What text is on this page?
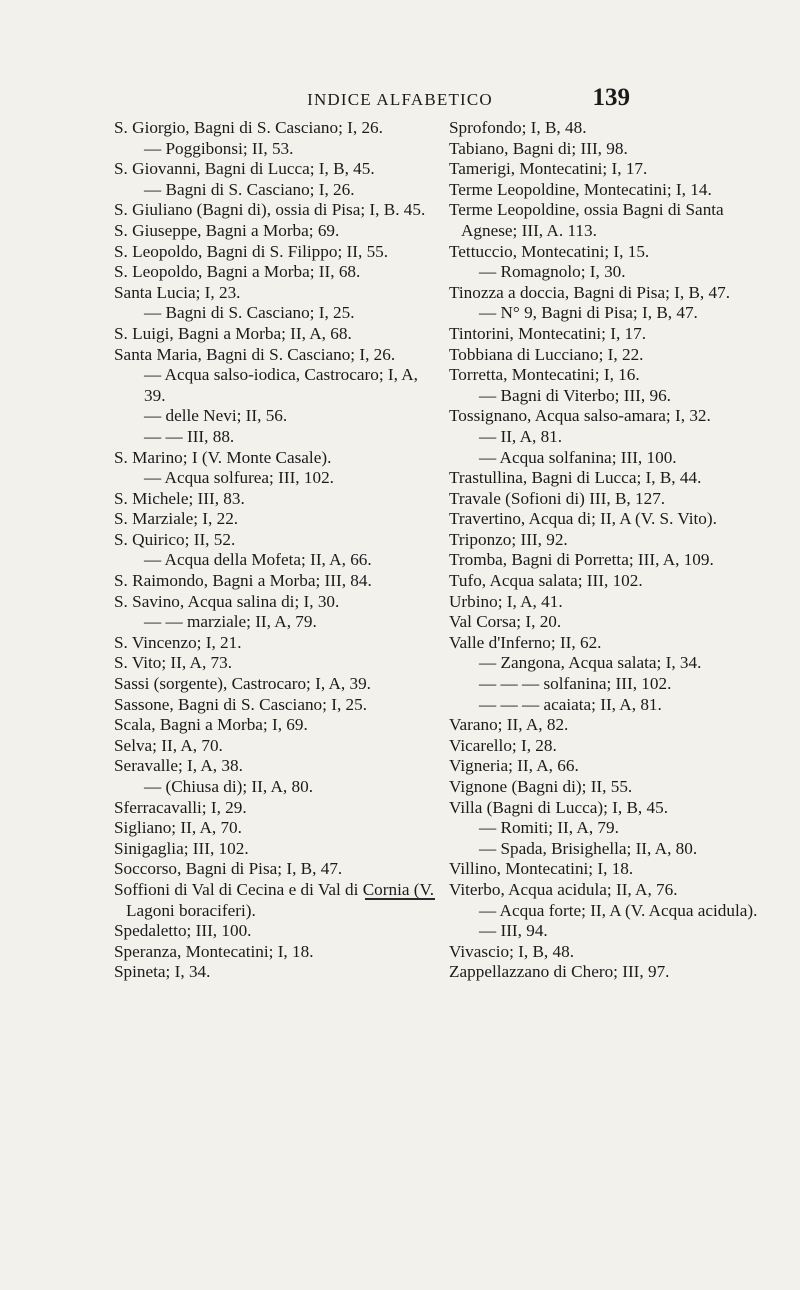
INDICE ALFABETICO	139

S. Giorgio, Bagni di S. Casciano; I, 26.

— Poggibonsi; II, 53.

S. Giovanni, Bagni di Lucca; I, B, 45.

— Bagni di S. Casciano; I, 26.

S. Giuliano (Bagni di), ossia di Pisa; I, B. 45.

S. Giuseppe, Bagni a Morba; 69.

S. Leopoldo, Bagni di S. Filippo; II, 55.

S. Leopoldo, Bagni a Morba; II, 68.

Santa Lucia; I, 23.

— Bagni di S. Casciano; I, 25.

S. Luigi, Bagni a Morba; II, A, 68.

Santa Maria, Bagni di S. Casciano; I, 26.

— Acqua salso-iodica, Castrocaro; I, A, 39.

— delle Nevi; II, 56.

— — III, 88.

S. Marino; I (V. Monte Casale).

— Acqua solfurea; III, 102.

S. Michele; III, 83.

S. Marziale; I, 22.

S. Quirico; II, 52.

— Acqua della Mofeta; II, A, 66.

S. Raimondo, Bagni a Morba; III, 84.

S. Savino, Acqua salina di; I, 30.

— — marziale; II, A, 79.

S. Vincenzo; I, 21.

S. Vito; II, A, 73.

Sassi (sorgente), Castrocaro; I, A, 39.

Sassone, Bagni di S. Casciano; I, 25.

Scala, Bagni a Morba; I, 69.

Selva; II, A, 70.

Seravalle; I, A, 38.

— (Chiusa di); II, A, 80.

Sferracavalli; I, 29.

Sigliano; II, A, 70.

Sinigaglia; III, 102.

Soccorso, Bagni di Pisa; I, B, 47.

Soffioni di Val di Cecina e di Val di Cornia (V. Lagoni boraciferi).

Spedaletto; III, 100.

Speranza, Montecatini; I, 18.

Spineta; I, 34.

Sprofondo; I, B, 48.

Tabiano, Bagni di; III, 98.

Tamerigi, Montecatini; I, 17.

Terme Leopoldine, Montecatini; I, 14.

Terme Leopoldine, ossia Bagni di Santa Agnese; III, A. 113.

Tettuccio, Montecatini; I, 15.

— Romagnolo; I, 30.

Tinozza a doccia, Bagni di Pisa; I, B, 47.

— N° 9, Bagni di Pisa; I, B, 47.

Tintorini, Montecatini; I, 17.

Tobbiana di Lucciano; I, 22.

Torretta, Montecatini; I, 16.

— Bagni di Viterbo; III, 96.

Tossignano, Acqua salso-amara; I, 32.

— II, A, 81.

— Acqua solfanina; III, 100.

Trastullina, Bagni di Lucca; I, B, 44.

Travale (Sofioni di) III, B, 127.

Travertino, Acqua di; II, A (V. S. Vito).

Triponzo; III, 92.

Tromba, Bagni di Porretta; III, A, 109.

Tufo, Acqua salata; III, 102.

Urbino; I, A, 41.

Val Corsa; I, 20.

Valle d'Inferno; II, 62.

— Zangona, Acqua salata; I, 34.

— — — solfanina; III, 102.

— — — acaiata; II, A, 81.

Varano; II, A, 82.

Vicarello; I, 28.

Vigneria; II, A, 66.

Vignone (Bagni di); II, 55.

Villa (Bagni di Lucca); I, B, 45.

— Romiti; II, A, 79.

— Spada, Brisighella; II, A, 80.

Villino, Montecatini; I, 18.

Viterbo, Acqua acidula; II, A, 76.

— Acqua forte; II, A (V. Acqua acidula).

— III, 94.

Vivascio; I, B, 48.

Zappellazzano di Chero; III, 97.
